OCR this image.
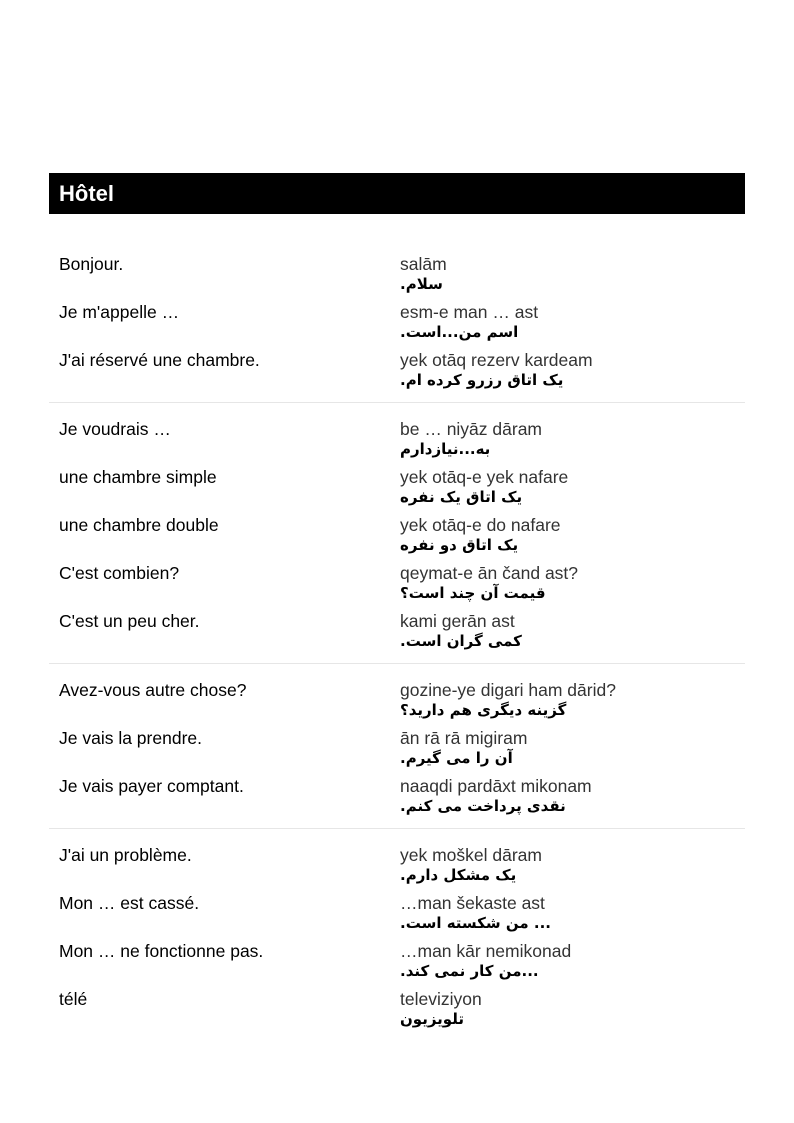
Hôtel
Bonjour.	salām
سلام.
Je m'appelle …	esm-e man … ast
اسم من...است.
J'ai réservé une chambre.	yek otāq rezerv kardeam
یک اتاق رزرو کرده ام.
Je voudrais …	be … niyāz dāram
به...نیازدارم
une chambre simple	yek otāq-e yek nafare
یک اتاق یک نفره
une chambre double	yek otāq-e do nafare
یک اتاق دو نفره
C'est combien?	qeymat-e ān čand ast?
قیمت آن چند است؟
C'est un peu cher.	kami gerān ast
کمی گران است.
Avez-vous autre chose?	gozine-ye digari ham dārid?
گزینه دیگری هم دارید؟
Je vais la prendre.	ān rā rā migiram
آن را می گیرم.
Je vais payer comptant.	naaqdi pardāxt mikonam
نقدی پرداخت می کنم.
J'ai un problème.	yek moškel dāram
یک مشکل دارم.
Mon … est cassé.	…man šekaste ast
... من شکسته است.
Mon … ne fonctionne pas.	…man kār nemikonad
...من کار نمی کند.
télé	televiziyon
تلویزیون
